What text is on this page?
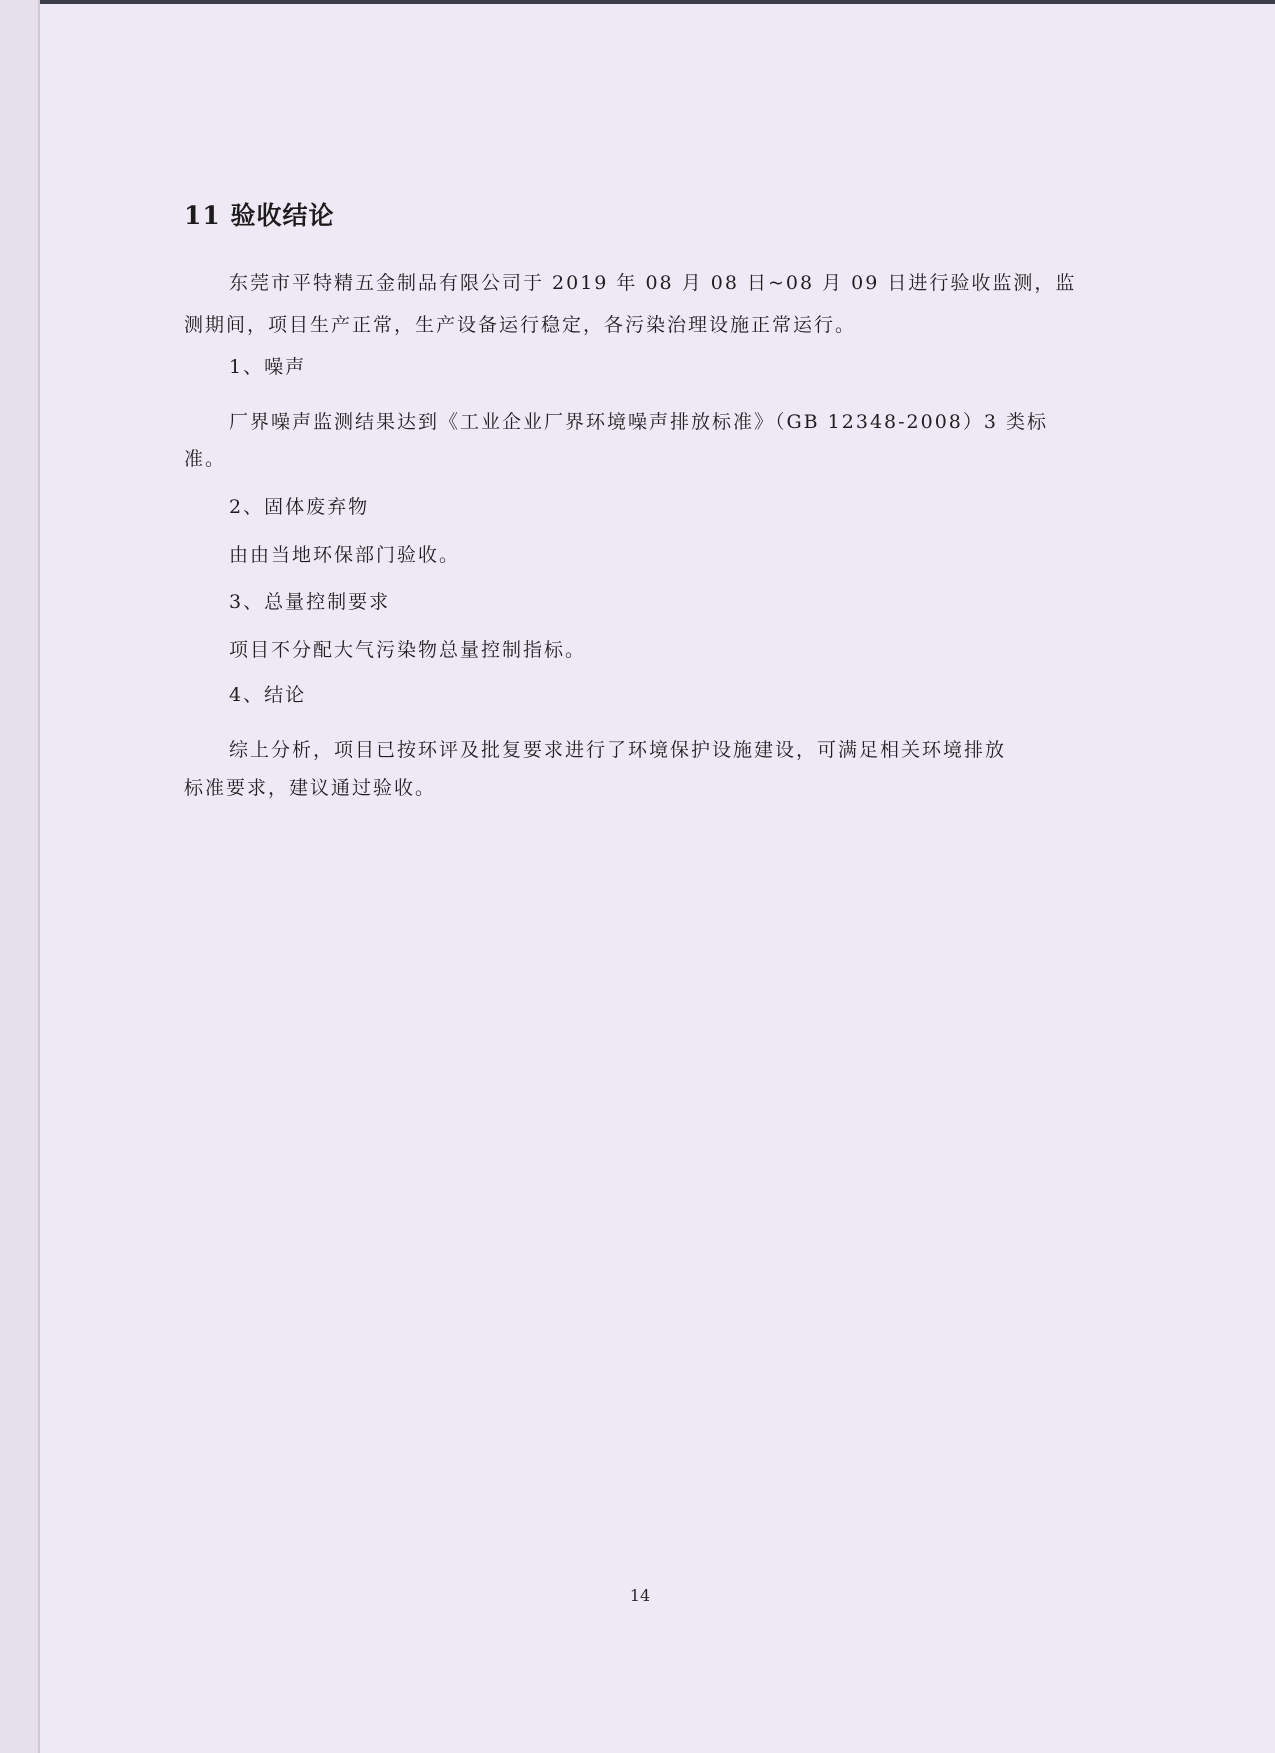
11 验收结论

东莞市平特精五金制品有限公司于 2019 年 08 月 08 日~08 月 09 日进行验收监测，监

测期间，项目生产正常，生产设备运行稳定，各污染治理设施正常运行。

1、噪声

厂界噪声监测结果达到《工业企业厂界环境噪声排放标准》（GB 12348-2008）3 类标

准。

2、固体废弃物

由由当地环保部门验收。

3、总量控制要求

项目不分配大气污染物总量控制指标。

4、结论

综上分析，项目已按环评及批复要求进行了环境保护设施建设，可满足相关环境排放

标准要求，建议通过验收。

14
